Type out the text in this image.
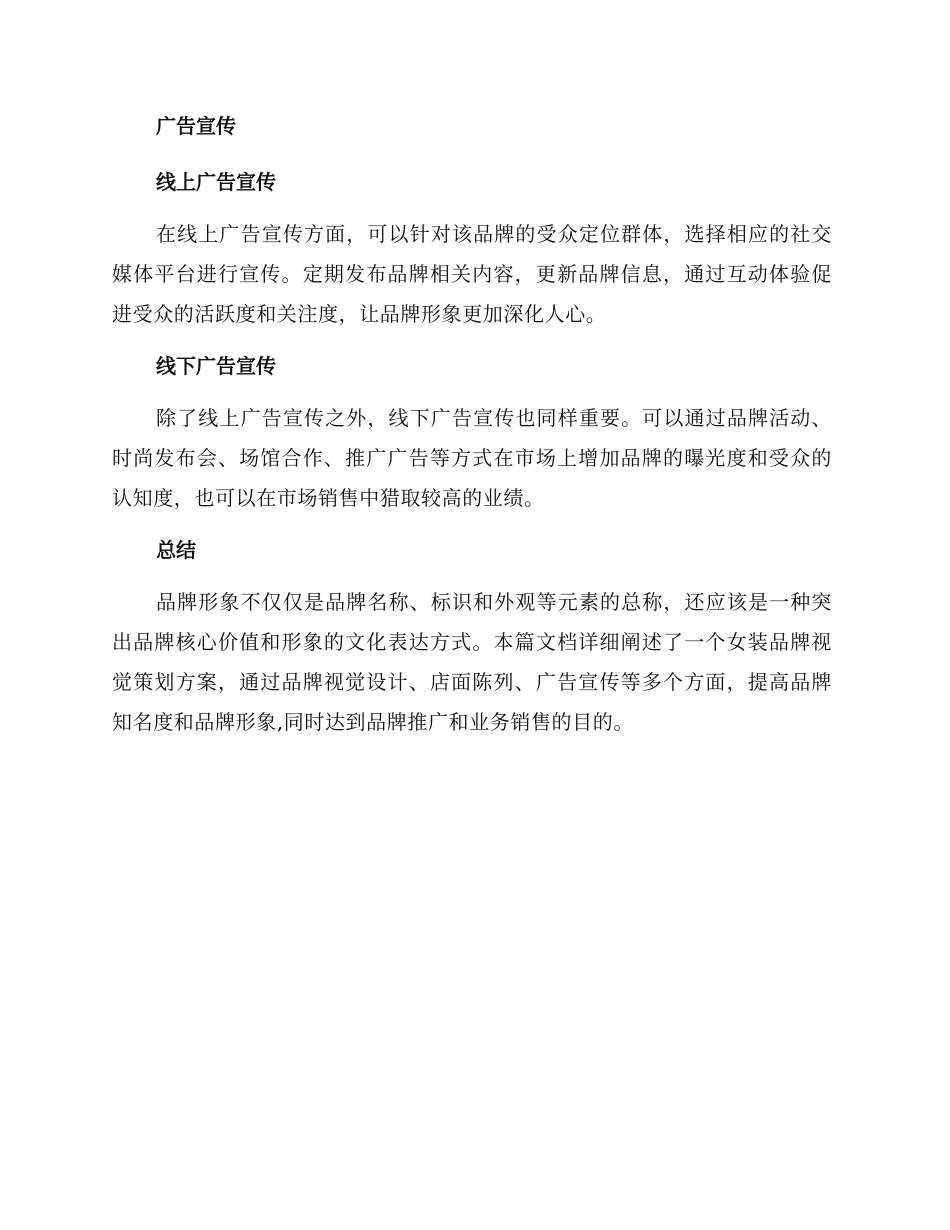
广告宣传
线上广告宣传

在线上广告宣传方面，可以针对该品牌的受众定位群体，选择相应的社交媒体平台进行宣传。定期发布品牌相关内容，更新品牌信息，通过互动体验促进受众的活跃度和关注度，让品牌形象更加深化人心。

线下广告宣传

除了线上广告宣传之外，线下广告宣传也同样重要。可以通过品牌活动、时尚发布会、场馆合作、推广广告等方式在市场上增加品牌的曝光度和受众的认知度，也可以在市场销售中猎取较高的业绩。

总结

品牌形象不仅仅是品牌名称、标识和外观等元素的总称，还应该是一种突出品牌核心价值和形象的文化表达方式。本篇文档详细阐述了一个女装品牌视觉策划方案，通过品牌视觉设计、店面陈列、广告宣传等多个方面，提高品牌知名度和品牌形象,同时达到品牌推广和业务销售的目的。
